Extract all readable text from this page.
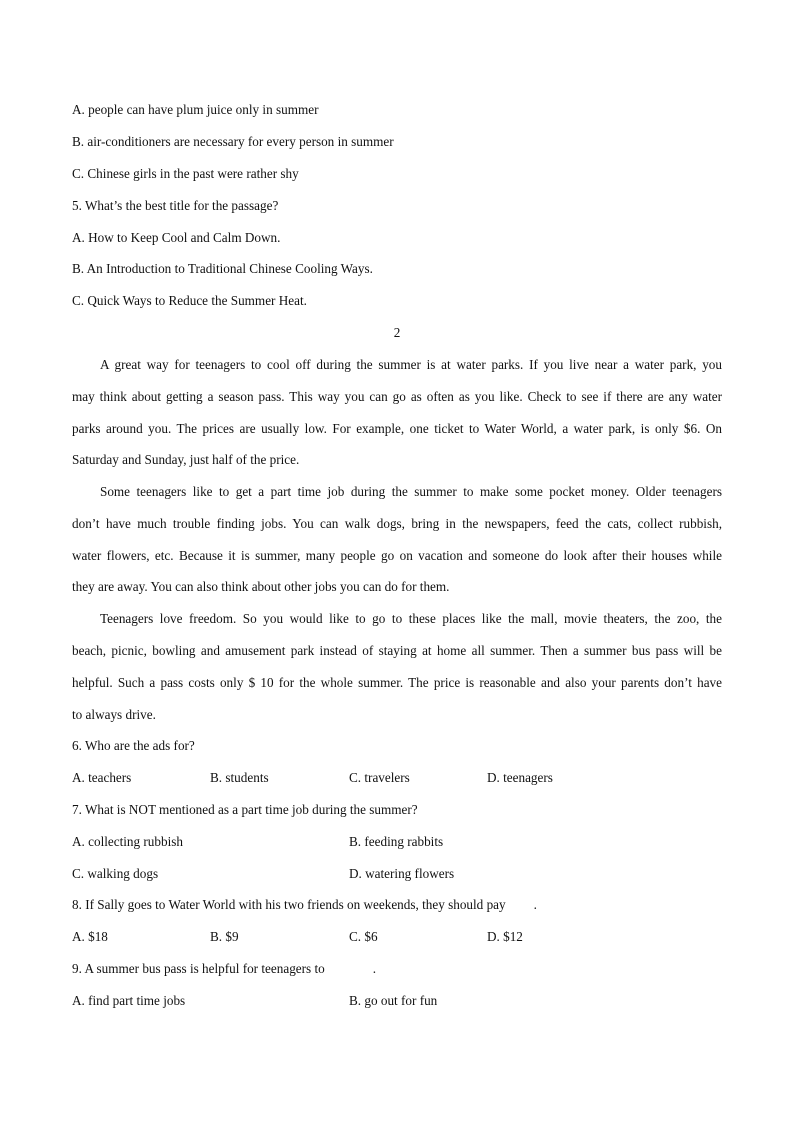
A. people can have plum juice only in summer
B. air-conditioners are necessary for every person in summer
C. Chinese girls in the past were rather shy
5. What’s the best title for the passage?
A. How to Keep Cool and Calm Down.
B. An Introduction to Traditional Chinese Cooling Ways.
C. Quick Ways to Reduce the Summer Heat.
2
A great way for teenagers to cool off during the summer is at water parks. If you live near a water park, you
may think about getting a season pass. This way you can go as often as you like. Check to see if there are any water
parks around you. The prices are usually low. For example, one ticket to Water World, a water park, is only $6. On
Saturday and Sunday, just half of the price.
Some teenagers like to get a part time job during the summer to make some pocket money. Older teenagers
don’t have much trouble finding jobs. You can walk dogs, bring in the newspapers, feed the cats, collect rubbish,
water flowers, etc. Because it is summer, many people go on vacation and someone do look after their houses while
they are away. You can also think about other jobs you can do for them.
Teenagers love freedom. So you would like to go to these places like the mall, movie theaters, the zoo, the
beach, picnic, bowling and amusement park instead of staying at home all summer. Then a summer bus pass will be
helpful. Such a pass costs only $ 10 for the whole summer. The price is reasonable and also your parents don’t have
to always drive.
6. Who are the ads for?
A. teachers	B. students	C. travelers	D. teenagers
7. What is NOT mentioned as a part time job during the summer?
A. collecting rubbish	B. feeding rabbits
C. walking dogs	D. watering flowers
8. If Sally goes to Water World with his two friends on weekends, they should pay .
A. $18	B. $9	C. $6	D. $12
9. A summer bus pass is helpful for teenagers to	.
A. find part time jobs	B. go out for fun
